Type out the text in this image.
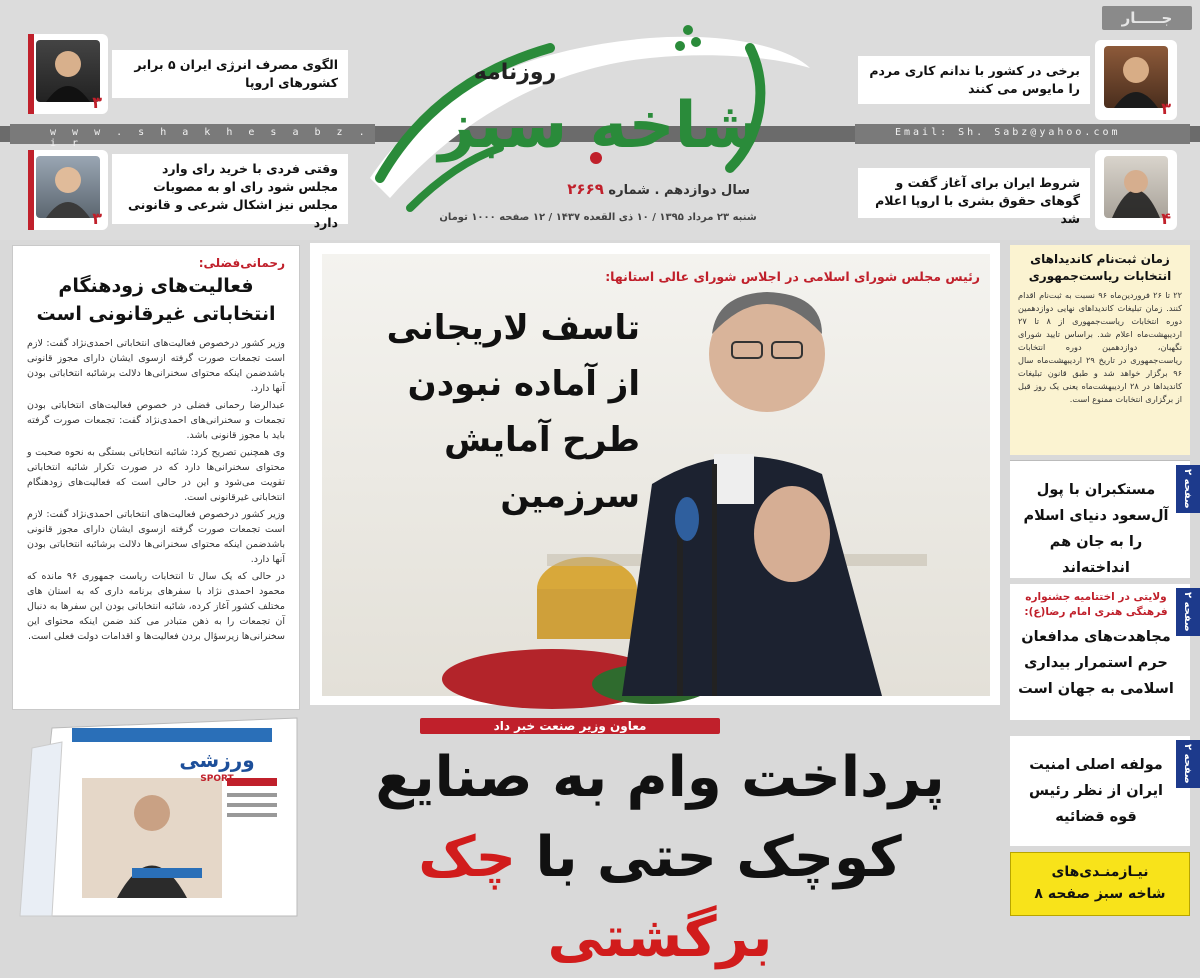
w w w . s h a k h e s a b z . i r
Email: Sh. Sabz@yahoo.com
جـــــار
۳
الگوی مصرف انرژی ایران ۵ برابر کشورهای اروپا
۳
وقتی فردی با خرید رای وارد مجلس شود رای او به مصوبات مجلس نیز اشکال شرعی و قانونی دارد
۳
برخی در کشور با ندانم کاری مردم را مایوس می کنند
۴
شروط ایران برای آغاز گفت و گوهای حقوق بشری با اروپا اعلام شد
روزنامه
شاخه سبز
سال دوازدهم . شماره ۲۶۶۹
شنبه ۲۳ مرداد ۱۳۹۵ / ۱۰ ذی القعده ۱۴۳۷ / ۱۲ صفحه ۱۰۰۰ تومان
رحمانی‌فضلی:
فعالیت‌های زودهنگام انتخاباتی غیرقانونی است

وزیر کشور درخصوص فعالیت‌های انتخاباتی احمدی‌نژاد گفت: لازم است تجمعات صورت گرفته ازسوی ایشان دارای مجوز قانونی باشدضمن اینکه محتوای سخنرانی‌ها دلالت برشائبه انتخاباتی بودن آنها دارد.

عبدالرضا رحمانی فضلی در خصوص فعالیت‌های انتخاباتی بودن تجمعات و سخنرانی‌های احمدی‌نژاد گفت: تجمعات صورت گرفته باید با مجوز قانونی باشد.

وی همچنین تصریح کرد: شائبه انتخاباتی بستگی به نحوه صحبت و محتوای سخنرانی‌ها دارد که در صورت تکرار شائبه انتخاباتی تقویت می‌شود و این در حالی است که فعالیت‌های زودهنگام انتخاباتی غیرقانونی است.

وزیر کشور درخصوص فعالیت‌های انتخاباتی احمدی‌نژاد گفت: لازم است تجمعات صورت گرفته ازسوی ایشان دارای مجوز قانونی باشدضمن اینکه محتوای سخنرانی‌ها دلالت برشائبه انتخاباتی بودن آنها دارد.

در حالی که یک سال تا انتخابات ریاست جمهوری ۹۶ مانده که محمود احمدی نژاد با سفرهای برنامه داری که به استان های مختلف کشور آغاز کرده، شائبه انتخاباتی بودن این سفرها به دنبال آن تجمعات را به ذهن متبادر می کند ضمن اینکه محتوای این سخنرانی‌ها زیرسؤال بردن فعالیت‌ها و اقدامات دولت فعلی است.

رئیس مجلس شورای اسلامی در اجلاس شورای عالی استانها:
تاسف لاریجانی از آماده نبودن طرح آمایش سرزمین
معاون وزیر صنعت خبر داد
پرداخت وام به صنایع
کوچک حتی با چک برگشتی
ورزشی
SPORT
زمان ثبت‌نام کاندیداهای انتخابات ریاست‌جمهوری
۲۲ تا ۲۶ فروردین‌ماه ۹۶ نسبت به ثبت‌نام اقدام کنند. زمان تبلیغات کاندیداهای نهایی دوازدهمین دوره انتخابات ریاست‌جمهوری از ۸ تا ۲۷ اردیبهشت‌ماه اعلام شد. براساس تایید شورای نگهبان، دوازدهمین دوره انتخابات ریاست‌جمهوری در تاریخ ۲۹ اردیبهشت‌ماه سال ۹۶ برگزار خواهد شد و طبق قانون تبلیغات کاندیداها در ۲۸ اردیبهشت‌ماه یعنی یک روز قبل از برگزاری انتخابات ممنوع است.
صفحه ۲
مستکبران با پول آل‌سعود دنیای اسلام را به جان هم انداخته‌اند
صفحه ۲
ولایتی در اختتامیه جشنواره فرهنگی هنری امام رضا(ع):
مجاهدت‌های مدافعان حرم استمرار بیداری اسلامی به جهان است
صفحه ۲
مولفه اصلی امنیت ایران از نظر رئیس قوه قضائیه
نیـازمنـدی‌های
شاخه سبز صفحه ۸
